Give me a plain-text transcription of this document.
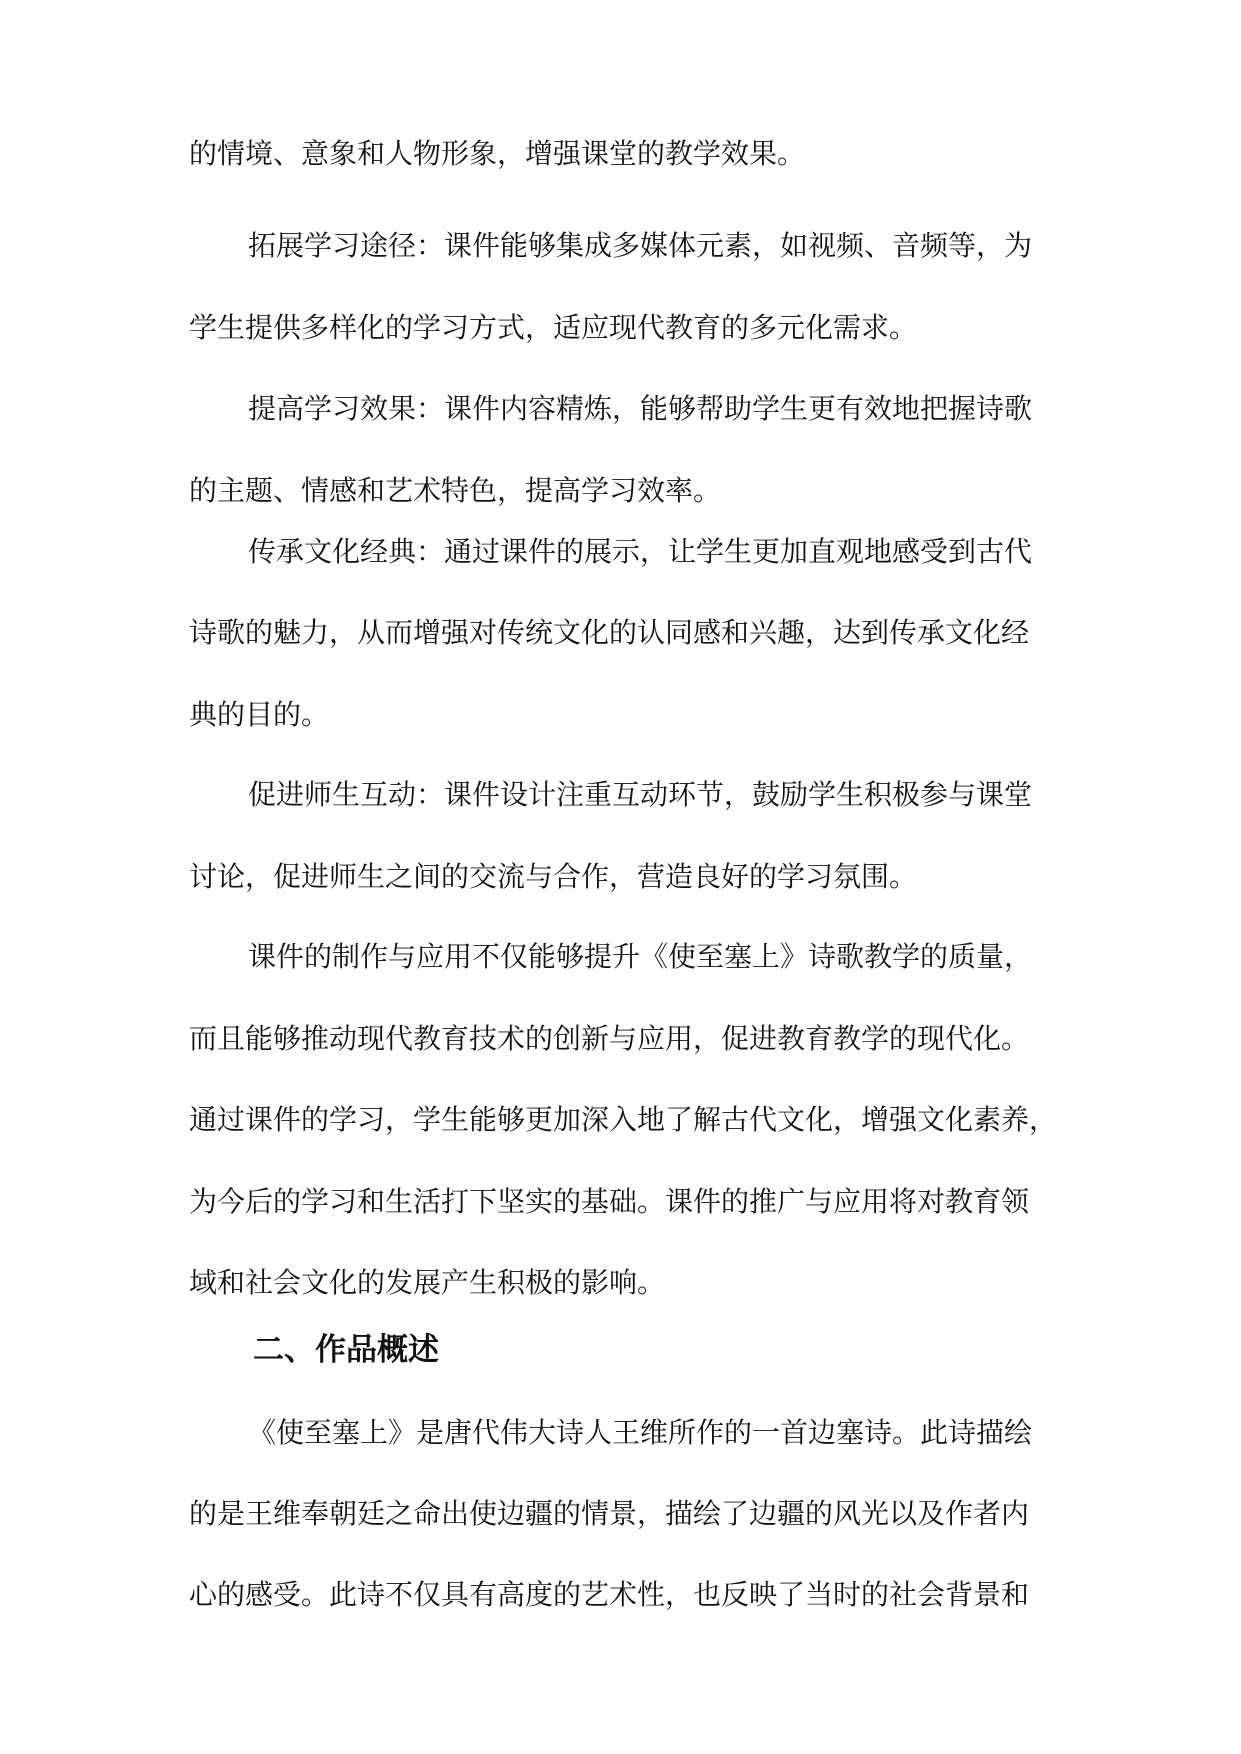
的情境、意象和人物形象，增强课堂的教学效果。
拓展学习途径：课件能够集成多媒体元素，如视频、音频等，为
学生提供多样化的学习方式，适应现代教育的多元化需求。
提高学习效果：课件内容精炼，能够帮助学生更有效地把握诗歌
的主题、情感和艺术特色，提高学习效率。
传承文化经典：通过课件的展示，让学生更加直观地感受到古代
诗歌的魅力，从而增强对传统文化的认同感和兴趣，达到传承文化经
典的目的。
促进师生互动：课件设计注重互动环节，鼓励学生积极参与课堂
讨论，促进师生之间的交流与合作，营造良好的学习氛围。
课件的制作与应用不仅能够提升《使至塞上》诗歌教学的质量，
而且能够推动现代教育技术的创新与应用，促进教育教学的现代化。
通过课件的学习，学生能够更加深入地了解古代文化，增强文化素养，
为今后的学习和生活打下坚实的基础。课件的推广与应用将对教育领
域和社会文化的发展产生积极的影响。
二、作品概述
《使至塞上》是唐代伟大诗人王维所作的一首边塞诗。此诗描绘
的是王维奉朝廷之命出使边疆的情景，描绘了边疆的风光以及作者内
心的感受。此诗不仅具有高度的艺术性，也反映了当时的社会背景和
